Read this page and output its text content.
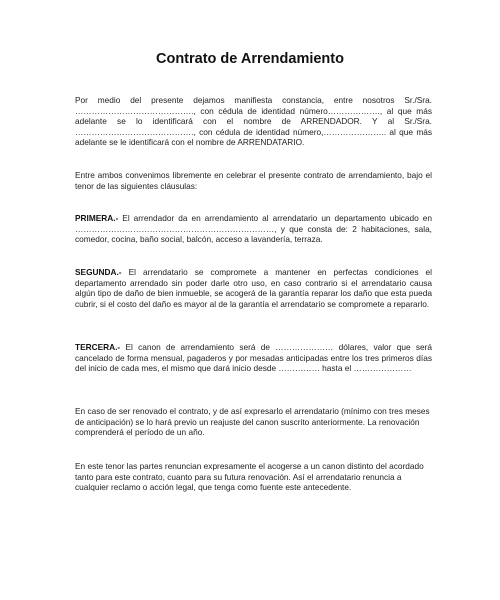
Contrato de Arrendamiento
Por medio del presente dejamos manifiesta constancia, entre nosotros Sr./Sra. ……………………………………., con cédula de identidad número………………., al que más adelante se lo identificará con el nombre de ARRENDADOR. Y al Sr./Sra. ……………………………………., con cédula de identidad número,………………….. al que más adelante se le identificará con el nombre de ARRENDATARIO.
Entre ambos convenimos libremente en celebrar el presente contrato de arrendamiento, bajo el tenor de las siguientes cláusulas:
PRIMERA.- El arrendador da en arrendamiento al arrendatario un departamento ubicado en ………………………………………………………………, y que consta de: 2 habitaciones, sala, comedor, cocina, baño social, balcón, acceso a lavandería, terraza.
SEGUNDA.- El arrendatario se compromete a mantener en perfectas condiciones el departamento arrendado sin poder darle otro uso, en caso contrario si el arrendatario causa algún tipo de daño de bien inmueble, se acogerá de la garantía reparar los daño que esta pueda cubrir, si el costo del daño es mayor al de la garantía el arrendatario se compromete a repararlo.
TERCERA.- El canon de arrendamiento será de ………………… dólares, valor que será cancelado de forma mensual, pagaderos y por mesadas anticipadas entre los tres primeros días del inicio de cada mes, el mismo que dará inicio desde …………… hasta el …………………
En caso de ser renovado el contrato, y de así expresarlo el arrendatario (mínimo con tres meses de anticipación) se lo hará previo un reajuste del canon suscrito anteriormente. La renovación comprenderá el período de un año.
En este tenor las partes renuncian expresamente el acogerse a un canon distinto del acordado tanto para este contrato, cuanto para su futura renovación. Así el arrendatario renuncia a cualquier reclamo o acción legal, que tenga como fuente este antecedente.
